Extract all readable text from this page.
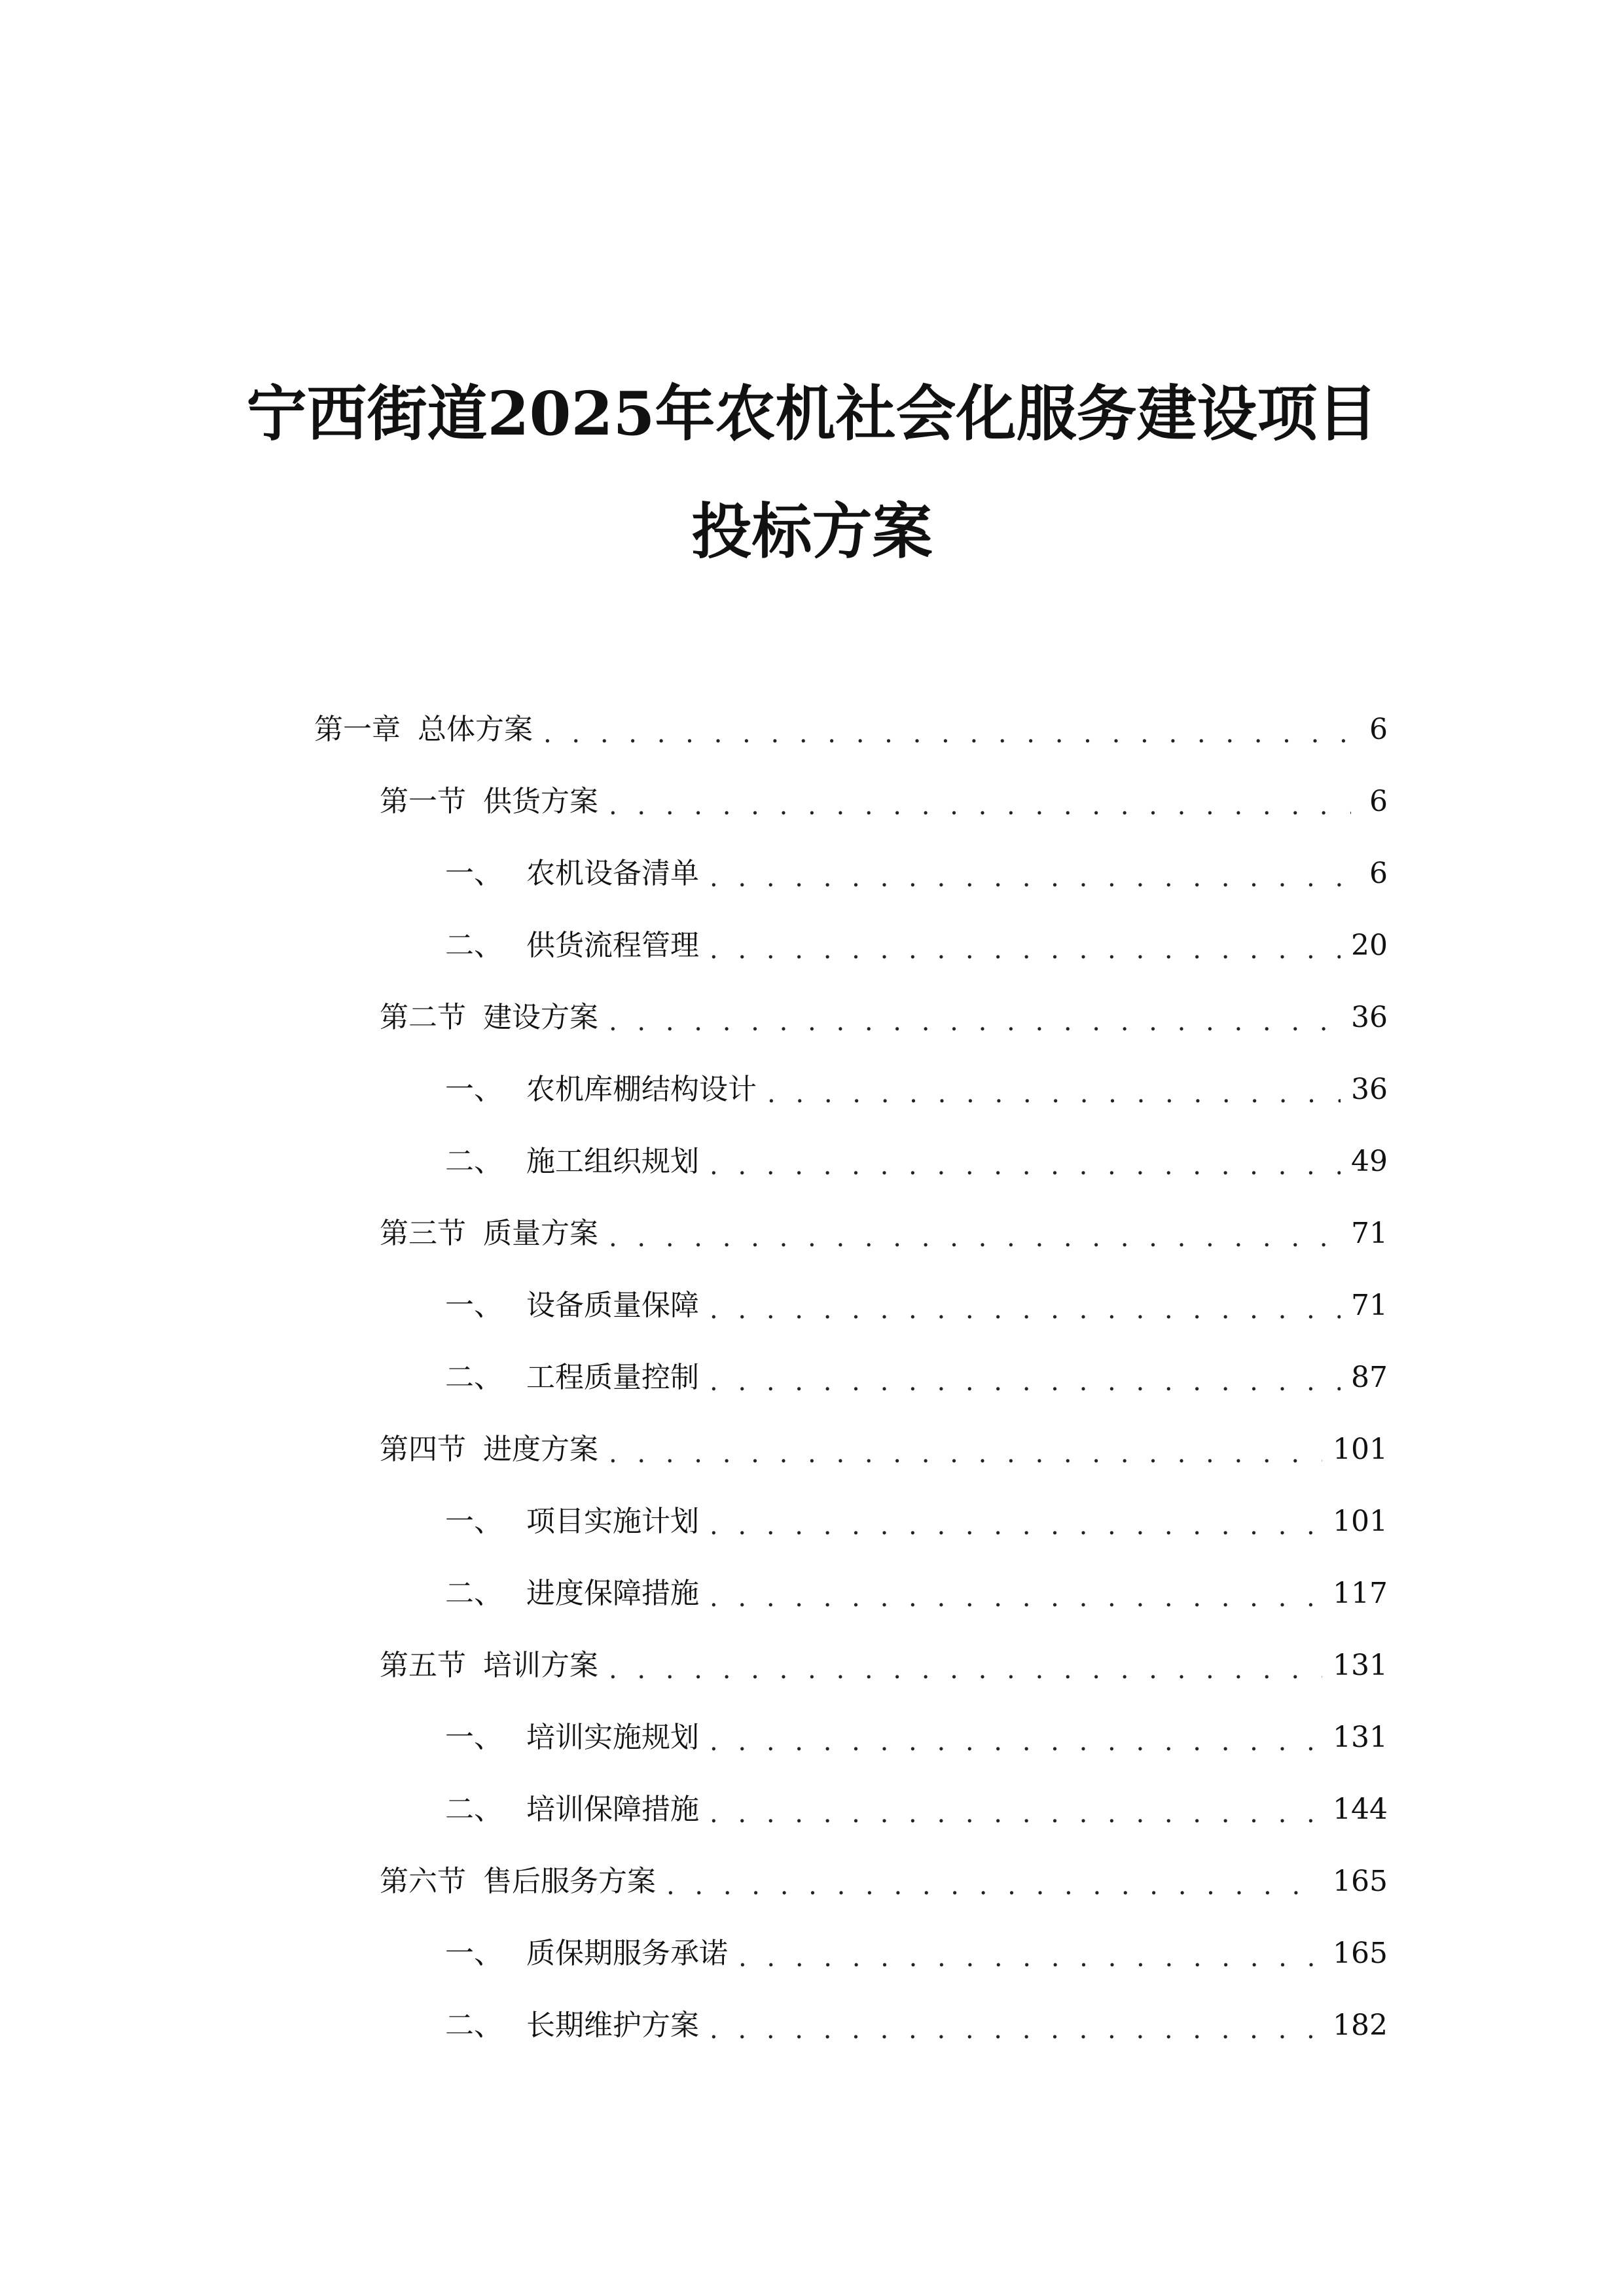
宁西街道2025年农机社会化服务建设项目
投标方案
第一章 总体方案 . . .	6
第一节 供货方案 . . .	6
一、 农机设备清单 . . .	6
二、 供货流程管理 . . .	20
第二节 建设方案 . . .	36
一、 农机库棚结构设计 . . .	36
二、 施工组织规划 . . .	49
第三节 质量方案 . . .	71
一、 设备质量保障 . . .	71
二、 工程质量控制 . . .	87
第四节 进度方案 . . .	101
一、 项目实施计划 . . .	101
二、 进度保障措施 . . .	117
第五节 培训方案 . . .	131
一、 培训实施规划 . . .	131
二、 培训保障措施 . . .	144
第六节 售后服务方案 . . .	165
一、 质保期服务承诺 . . .	165
二、 长期维护方案 . . .	182
